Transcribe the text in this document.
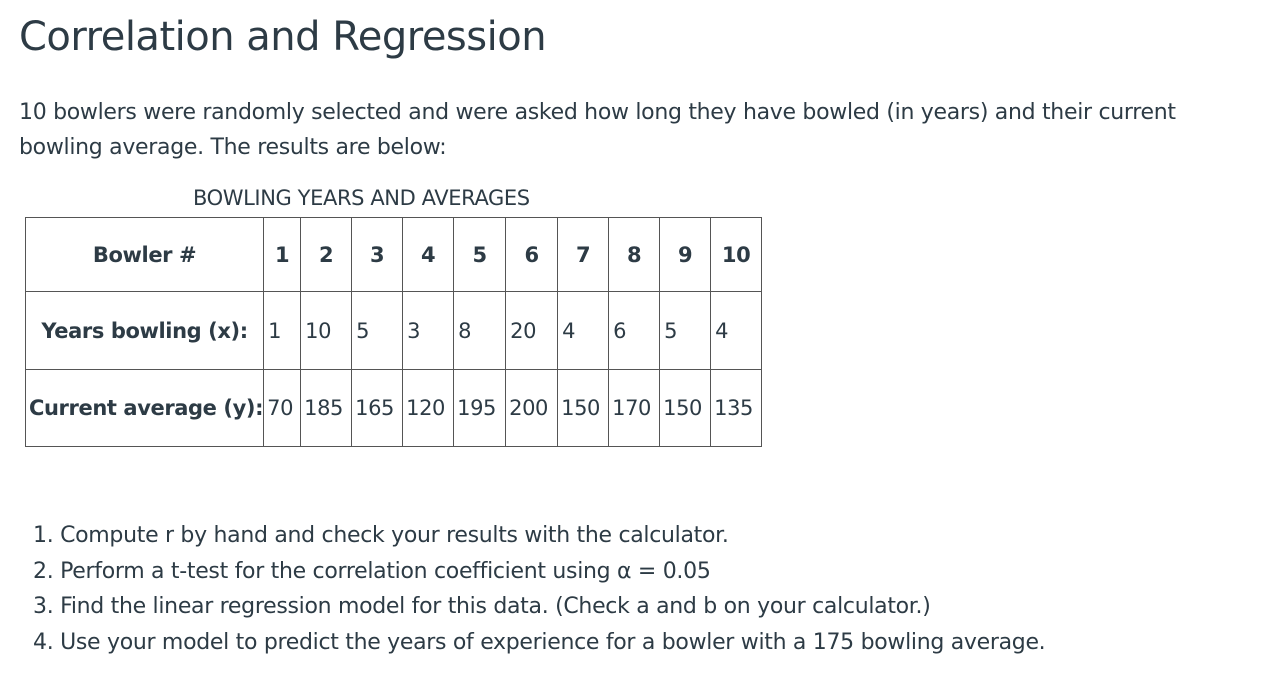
Correlation and Regression

10 bowlers were randomly selected and were asked how long they have bowled (in years) and their current bowling average. The results are below:

BOWLING YEARS AND AVERAGES
Bowler #	1	2	3	4	5	6	7	8	9	10
Years bowling (x):	1	10	5	3	8	20	4	6	5	4
Current average (y):	70	185	165	120	195	200	150	170	150	135
1. Compute r by hand and check your results with the calculator.
2. Perform a t-test for the correlation coefficient using α = 0.05
3. Find the linear regression model for this data. (Check a and b on your calculator.)
4. Use your model to predict the years of experience for a bowler with a 175 bowling average.
